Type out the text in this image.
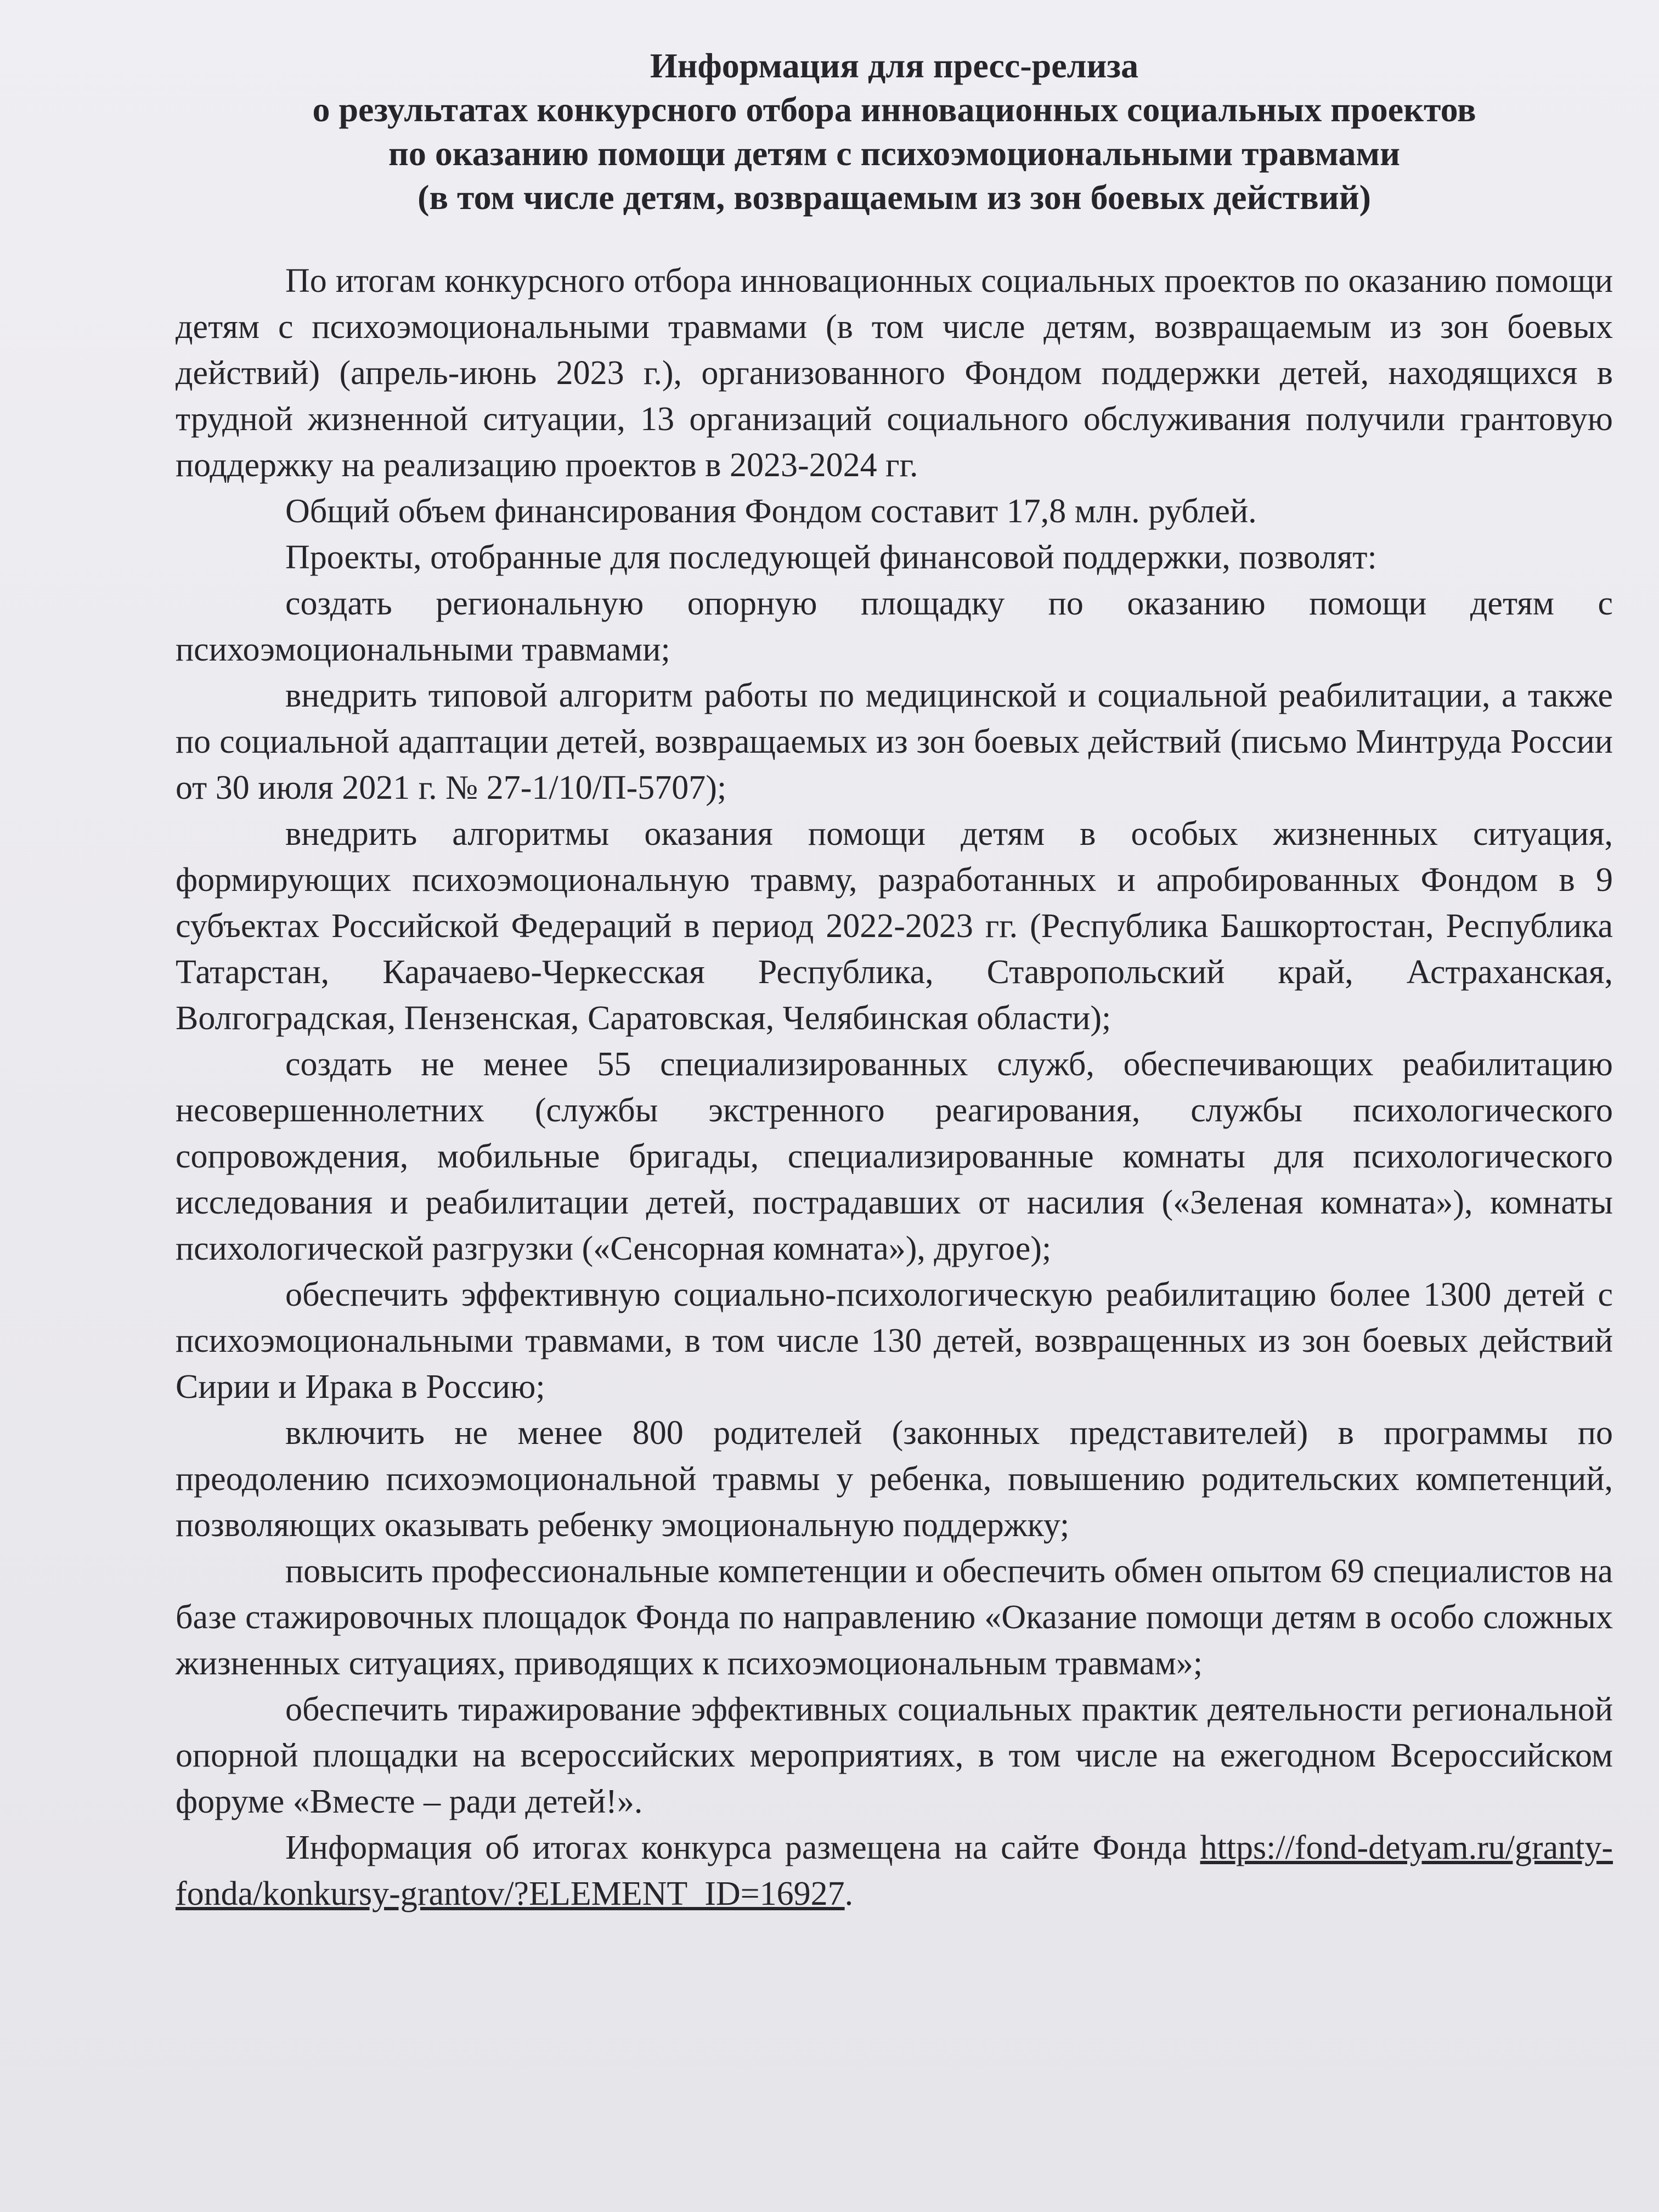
Информация для пресс-релиза
о результатах конкурсного отбора инновационных социальных проектов
по оказанию помощи детям с психоэмоциональными травмами
(в том числе детям, возвращаемым из зон боевых действий)

По итогам конкурсного отбора инновационных социальных проектов по оказанию помощи детям с психоэмоциональными травмами (в том числе детям, возвращаемым из зон боевых действий) (апрель-июнь 2023 г.), организованного Фондом поддержки детей, находящихся в трудной жизненной ситуации, 13 организаций социального обслуживания получили грантовую поддержку на реализацию проектов в 2023-2024 гг.

Общий объем финансирования Фондом составит 17,8 млн. рублей.

Проекты, отобранные для последующей финансовой поддержки, позволят:

создать региональную опорную площадку по оказанию помощи детям с психоэмоциональными травмами;
внедрить типовой алгоритм работы по медицинской и социальной реабилитации, а также по социальной адаптации детей, возвращаемых из зон боевых действий (письмо Минтруда России от 30 июля 2021 г. № 27-1/10/П-5707);
внедрить алгоритмы оказания помощи детям в особых жизненных ситуация, формирующих психоэмоциональную травму, разработанных и апробированных Фондом в 9 субъектах Российской Федераций в период 2022-2023 гг. (Республика Башкортостан, Республика Татарстан, Карачаево-Черкесская Республика, Ставропольский край, Астраханская, Волгоградская, Пензенская, Саратовская, Челябинская области);
создать не менее 55 специализированных служб, обеспечивающих реабилитацию несовершеннолетних (службы экстренного реагирования, службы психологического сопровождения, мобильные бригады, специализированные комнаты для психологического исследования и реабилитации детей, пострадавших от насилия («Зеленая комната»), комнаты психологической разгрузки («Сенсорная комната»), другое);
обеспечить эффективную социально-психологическую реабилитацию более 1300 детей с психоэмоциональными травмами, в том числе 130 детей, возвращенных из зон боевых действий Сирии и Ирака в Россию;
включить не менее 800 родителей (законных представителей) в программы по преодолению психоэмоциональной травмы у ребенка, повышению родительских компетенций, позволяющих оказывать ребенку эмоциональную поддержку;
повысить профессиональные компетенции и обеспечить обмен опытом 69 специалистов на базе стажировочных площадок Фонда по направлению «Оказание помощи детям в особо сложных жизненных ситуациях, приводящих к психоэмоциональным травмам»;
обеспечить тиражирование эффективных социальных практик деятельности региональной опорной площадки на всероссийских мероприятиях, в том числе на ежегодном Всероссийском форуме «Вместе – ради детей!».

Информация об итогах конкурса размещена на сайте Фонда https://fond-detyam.ru/granty-fonda/konkursy-grantov/?ELEMENT_ID=16927.
